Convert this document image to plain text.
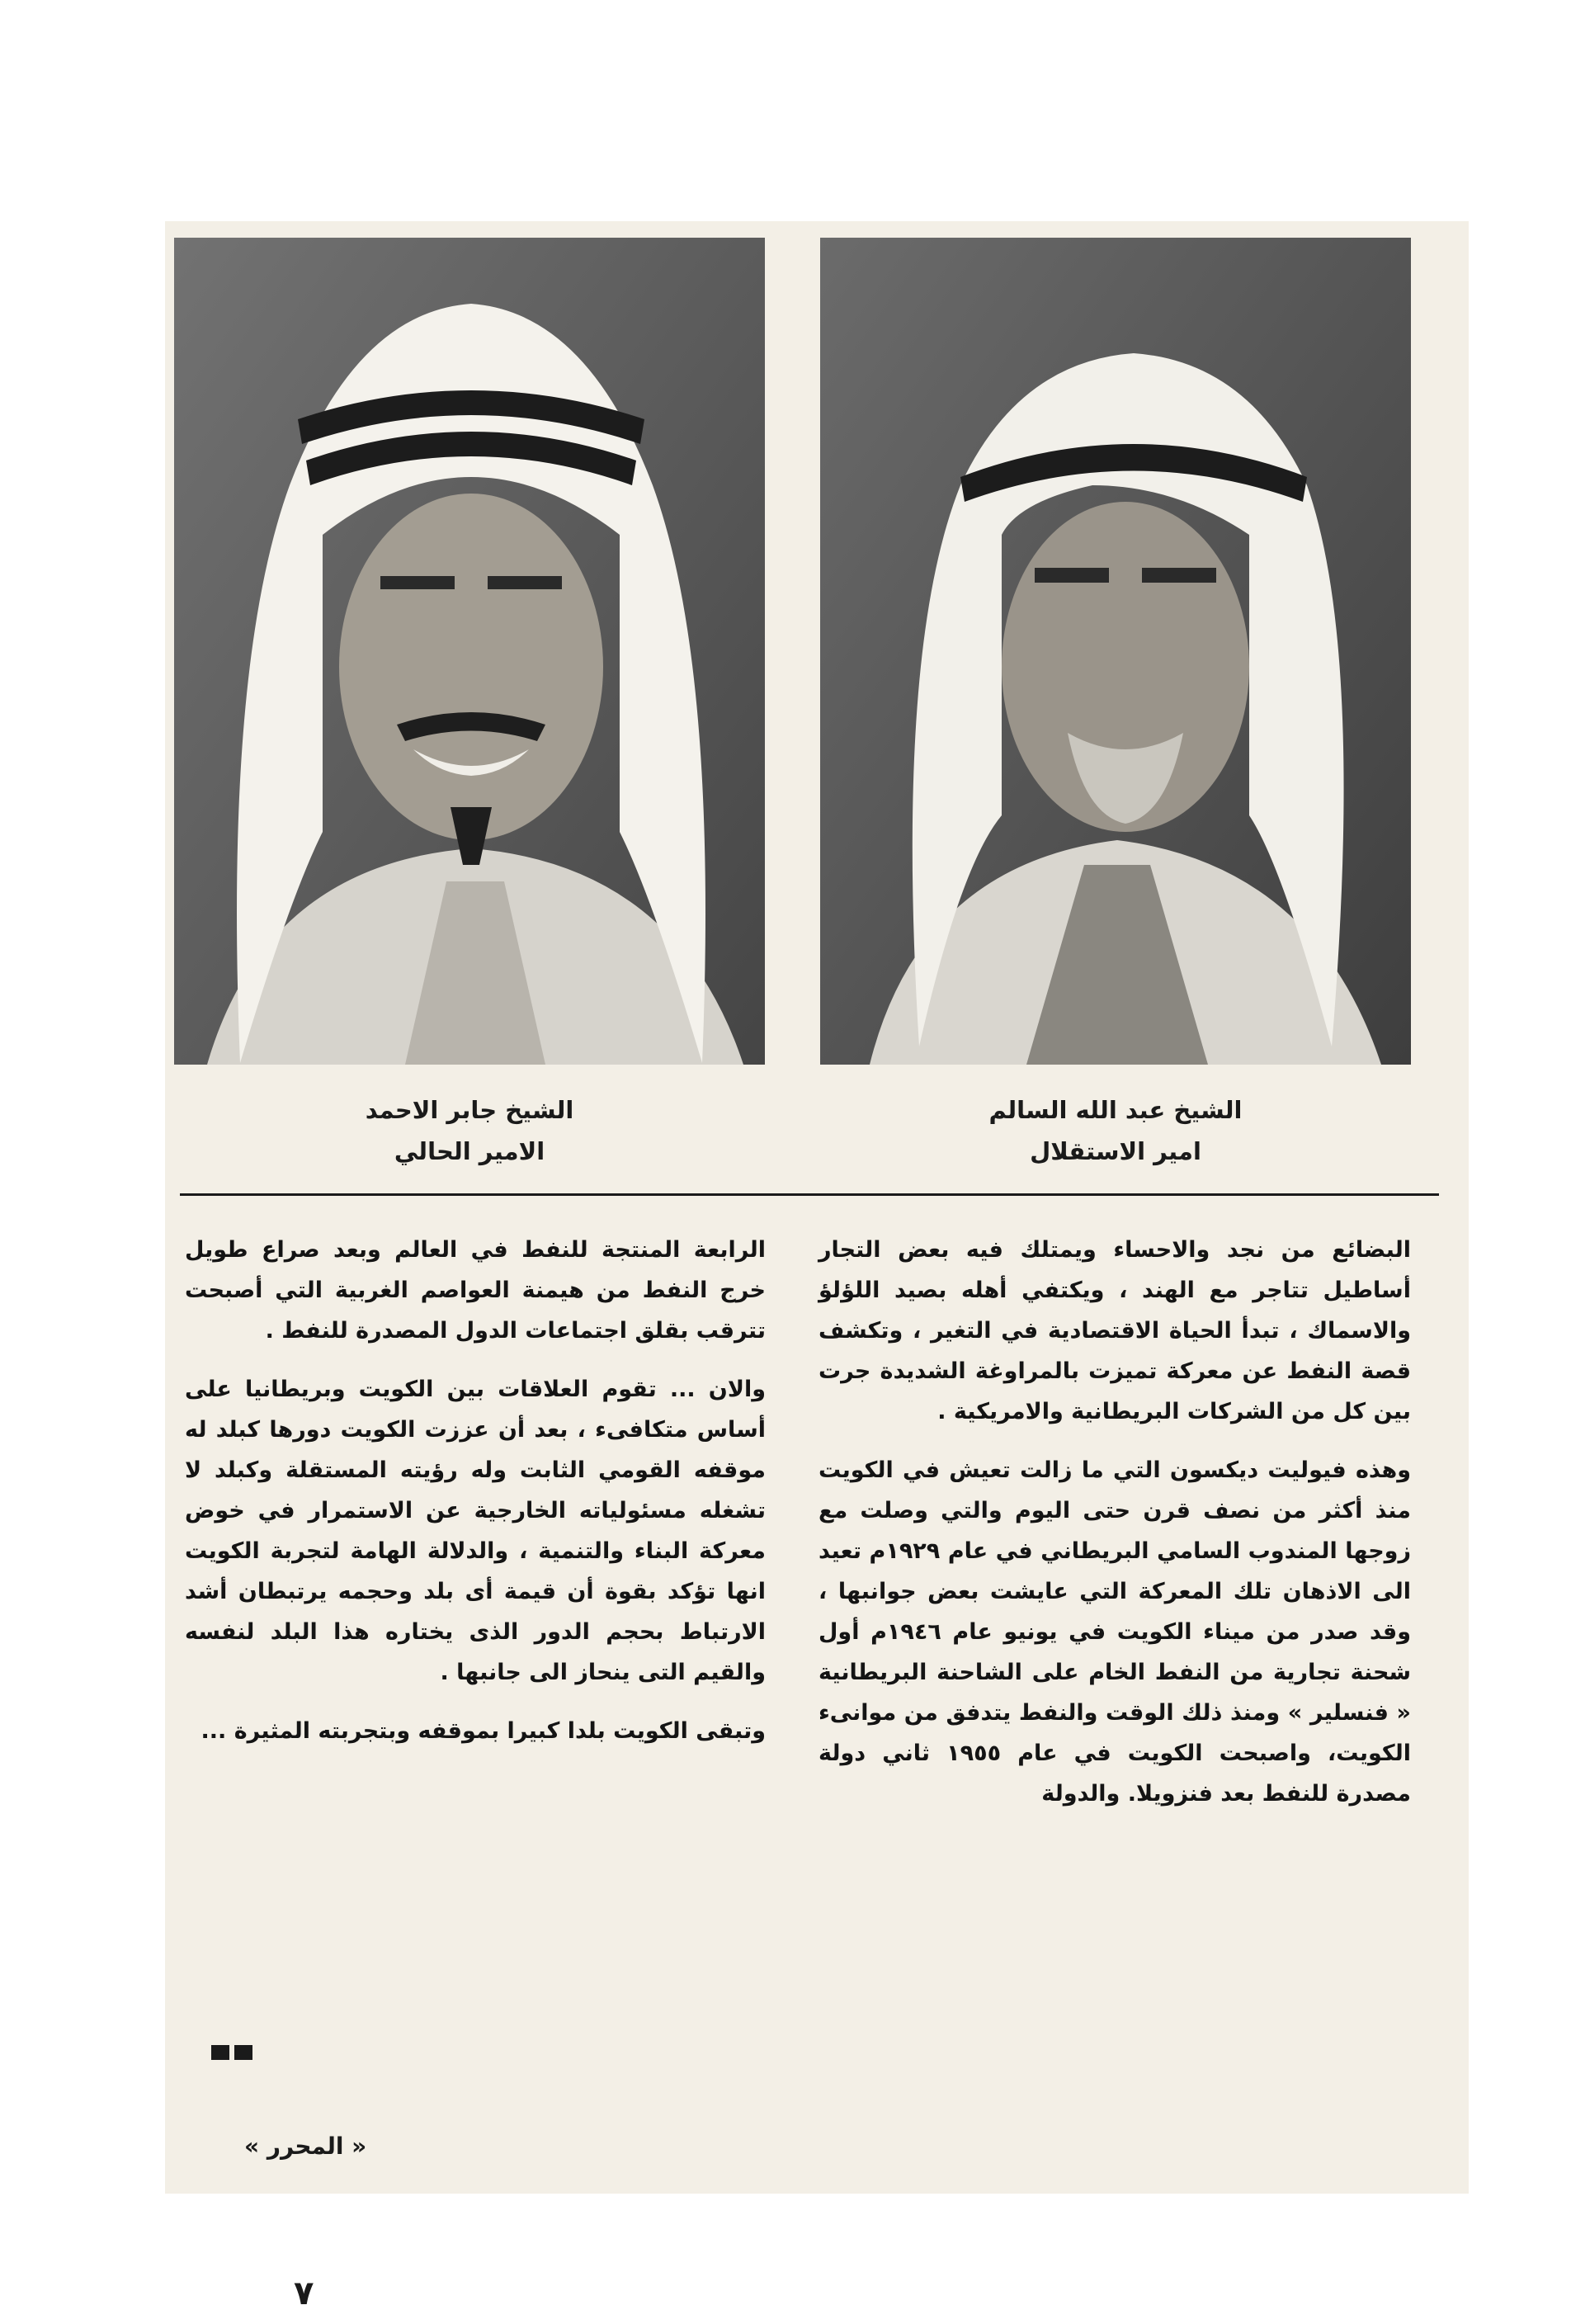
الشيخ عبد الله السالم
امير الاستقلال
الشيخ جابر الاحمد
الامير الحالي

البضائع من نجد والاحساء ويمتلك فيه بعض التجار أساطيل تتاجر مع الهند ، ويكتفي أهله بصيد اللؤلؤ والاسماك ، تبدأ الحياة الاقتصادية في التغير ، وتكشف قصة النفط عن معركة تميزت بالمراوغة الشديدة جرت بين كل من الشركات البريطانية والامريكية .

وهذه فيوليت ديكسون التي ما زالت تعيش في الكويت منذ أكثر من نصف قرن حتى اليوم والتي وصلت مع زوجها المندوب السامي البريطاني في عام ١٩٢٩م تعيد الى الاذهان تلك المعركة التي عايشت بعض جوانبها ، وقد صدر من ميناء الكويت في يونيو عام ١٩٤٦م أول شحنة تجارية من النفط الخام على الشاحنة البريطانية « فنسلير » ومنذ ذلك الوقت والنفط يتدفق من موانىء الكويت، واصبحت الكويت في عام ١٩٥٥ ثاني دولة مصدرة للنفط بعد فنزويلا. والدولة

الرابعة المنتجة للنفط في العالم وبعد صراع طويل خرج النفط من هيمنة العواصم الغربية التي أصبحت تترقب بقلق اجتماعات الدول المصدرة للنفط .

والان ... تقوم العلاقات بين الكويت وبريطانيا على أساس متكافىء ، بعد أن عززت الكويت دورها كبلد له موقفه القومي الثابت وله رؤيته المستقلة وكبلد لا تشغله مسئولياته الخارجية عن الاستمرار في خوض معركة البناء والتنمية ، والدلالة الهامة لتجربة الكويت انها تؤكد بقوة أن قيمة أى بلد وحجمه يرتبطان أشد الارتباط بحجم الدور الذى يختاره هذا البلد لنفسه والقيم التى ينحاز الى جانبها .

وتبقى الكويت بلدا كبيرا بموقفه وبتجربته المثيرة ...

« المحرر »
٧
